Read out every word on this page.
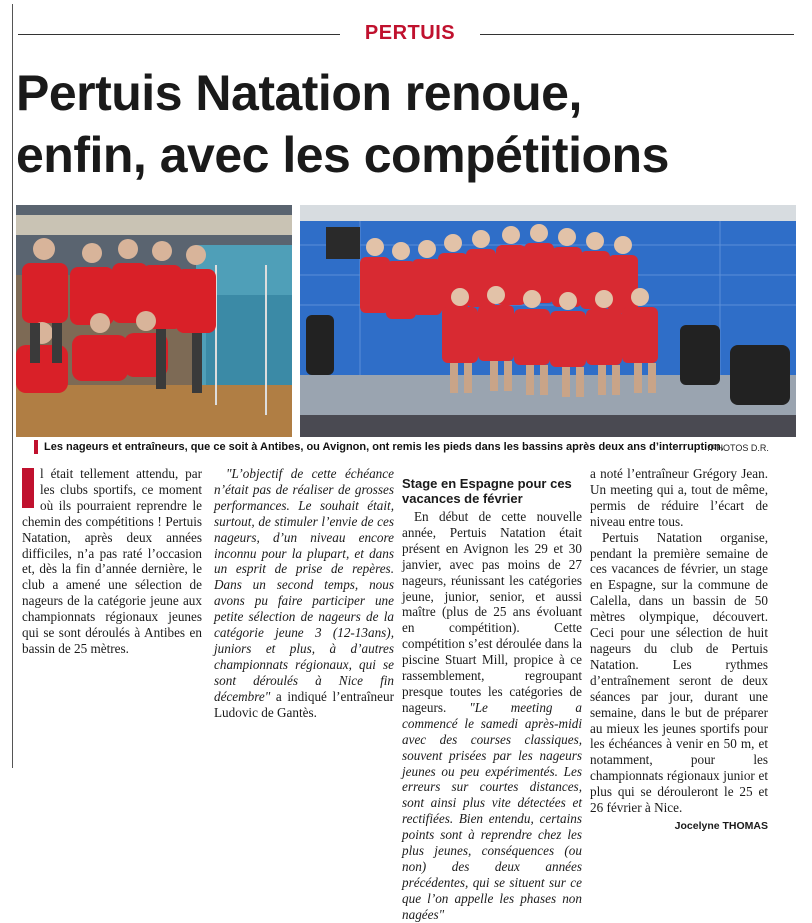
PERTUIS
Pertuis Natation renoue,
enfin, avec les compétitions
Les nageurs et entraîneurs, que ce soit à Antibes, ou Avignon, ont remis les pieds dans les bassins après deux ans d’interruption.
/PHOTOS D.R.

l était tellement attendu, par les clubs sportifs, ce moment où ils pourraient reprendre le chemin des compétitions ! Pertuis Natation, après deux années difficiles, n’a pas raté l’occasion et, dès la fin d’année dernière, le club a amené une sélection de nageurs de la catégorie jeune aux championnats régionaux jeunes qui se sont déroulés à Antibes en bassin de 25 mètres.

"L’objectif de cette échéance n’était pas de réaliser de grosses performances. Le souhait était, surtout, de stimuler l’envie de ces nageurs, d’un niveau encore inconnu pour la plupart, et dans un esprit de prise de repères. Dans un second temps, nous avons pu faire participer une petite sélection de nageurs de la catégorie jeune 3 (12-13ans), juniors et plus, à d’autres championnats régionaux, qui se sont déroulés à Nice fin décembre" a indiqué l’entraîneur Ludovic de Gantès.

Stage en Espagne pour ces vacances de février

En début de cette nouvelle année, Pertuis Natation était présent en Avignon les 29 et 30 janvier, avec pas moins de 27 nageurs, réunissant les catégories jeune, junior, senior, et aussi maître (plus de 25 ans évoluant en compétition). Cette compétition s’est déroulée dans la piscine Stuart Mill, propice à ce rassemblement, regroupant presque toutes les catégories de nageurs. "Le meeting a commencé le samedi après-midi avec des courses classiques, souvent prisées par les nageurs jeunes ou peu expérimentés. Les erreurs sur courtes distances, sont ainsi plus vite détectées et rectifiées. Bien entendu, certains points sont à reprendre chez les plus jeunes, conséquences (ou non) des deux années précédentes, qui se situent sur ce que l’on appelle les phases non nagées"

a noté l’entraîneur Grégory Jean. Un meeting qui a, tout de même, permis de réduire l’écart de niveau entre tous.

Pertuis Natation organise, pendant la première semaine de ces vacances de février, un stage en Espagne, sur la commune de Calella, dans un bassin de 50 mètres olympique, découvert. Ceci pour une sélection de huit nageurs du club de Pertuis Natation. Les rythmes d’entraînement seront de deux séances par jour, durant une semaine, dans le but de préparer au mieux les jeunes sportifs pour les échéances à venir en 50 m, et notamment, pour les championnats régionaux junior et plus qui se dérouleront le 25 et 26 février à Nice.

Jocelyne THOMAS
